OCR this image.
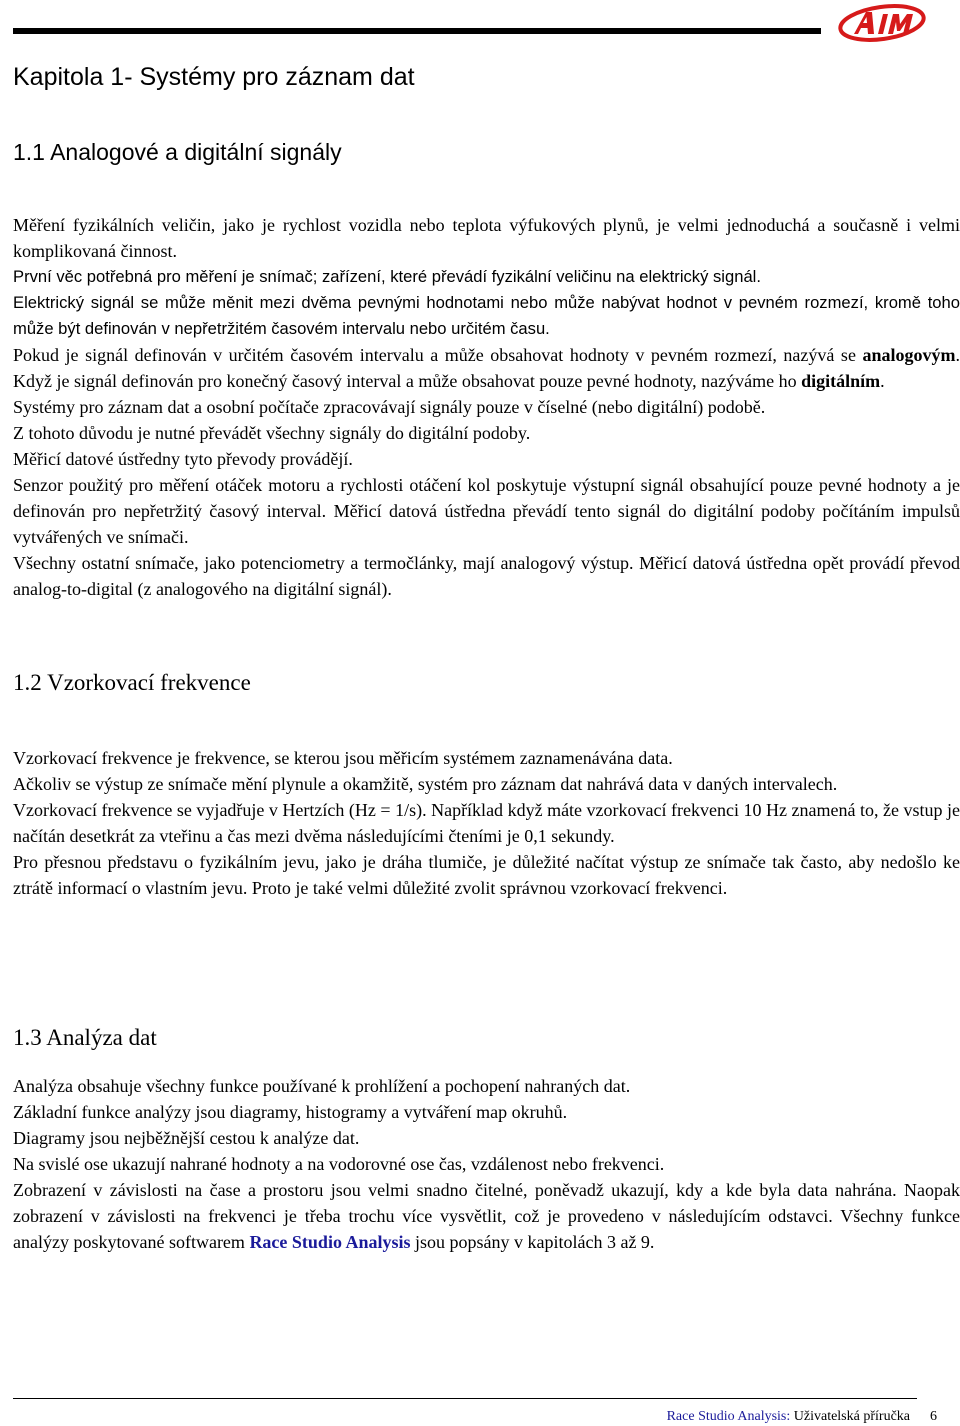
Kapitola 1- Systémy pro záznam dat
1.1 Analogové a digitální signály

Měření fyzikálních veličin, jako je rychlost vozidla nebo teplota výfukových plynů, je velmi jednoduchá a současně i velmi komplikovaná činnost.

První věc potřebná pro měření je snímač; zařízení, které převádí fyzikální veličinu na elektrický signál.

Elektrický signál se může měnit mezi dvěma pevnými hodnotami nebo může nabývat hodnot v pevném rozmezí, kromě toho může být definován v nepřetržitém časovém intervalu nebo určitém času.

Pokud je signál definován v určitém časovém intervalu a může obsahovat hodnoty v pevném rozmezí, nazývá se analogovým. Když je signál definován pro konečný časový interval a může obsahovat pouze pevné hodnoty, nazýváme ho digitálním.

Systémy pro záznam dat a osobní počítače zpracovávají signály pouze v číselné (nebo digitální) podobě.

Z tohoto důvodu je nutné převádět všechny signály do digitální podoby.

Měřicí datové ústředny tyto převody provádějí.

Senzor použitý pro měření otáček motoru a rychlosti otáčení kol poskytuje výstupní signál obsahující pouze pevné hodnoty a je definován pro nepřetržitý časový interval. Měřicí datová ústředna převádí tento signál do digitální podoby počítáním impulsů vytvářených ve snímači.

Všechny ostatní snímače, jako potenciometry a termočlánky, mají analogový výstup. Měřicí datová ústředna opět provádí převod analog-to-digital (z analogového na digitální signál).

1.2 Vzorkovací frekvence

Vzorkovací frekvence je frekvence, se kterou jsou měřicím systémem zaznamenávána data.

Ačkoliv se výstup ze snímače mění plynule a okamžitě, systém pro záznam dat nahrává data v daných intervalech.

Vzorkovací frekvence se vyjadřuje v Hertzích (Hz = 1/s). Například když máte vzorkovací frekvenci 10 Hz znamená to, že vstup je načítán desetkrát za vteřinu a čas mezi dvěma následujícími čteními je 0,1 sekundy.

Pro přesnou představu o fyzikálním jevu, jako je dráha tlumiče, je důležité načítat výstup ze snímače tak často, aby nedošlo ke ztrátě informací o vlastním jevu. Proto je také velmi důležité zvolit správnou vzorkovací frekvenci.

1.3 Analýza dat

Analýza obsahuje všechny funkce používané k prohlížení a pochopení nahraných dat.

Základní funkce analýzy jsou diagramy, histogramy a vytváření map okruhů.

Diagramy jsou nejběžnější cestou k analýze dat.

Na svislé ose ukazují nahrané hodnoty a na vodorovné ose čas, vzdálenost nebo frekvenci.

Zobrazení v závislosti na čase a prostoru jsou velmi snadno čitelné, poněvadž ukazují, kdy a kde byla data nahrána. Naopak zobrazení v závislosti na frekvenci je třeba trochu více vysvětlit, což je provedeno v následujícím odstavci. Všechny funkce analýzy poskytované softwarem Race Studio Analysis jsou popsány v kapitolách 3 až 9.

Race Studio Analysis: Uživatelská příručka 6
